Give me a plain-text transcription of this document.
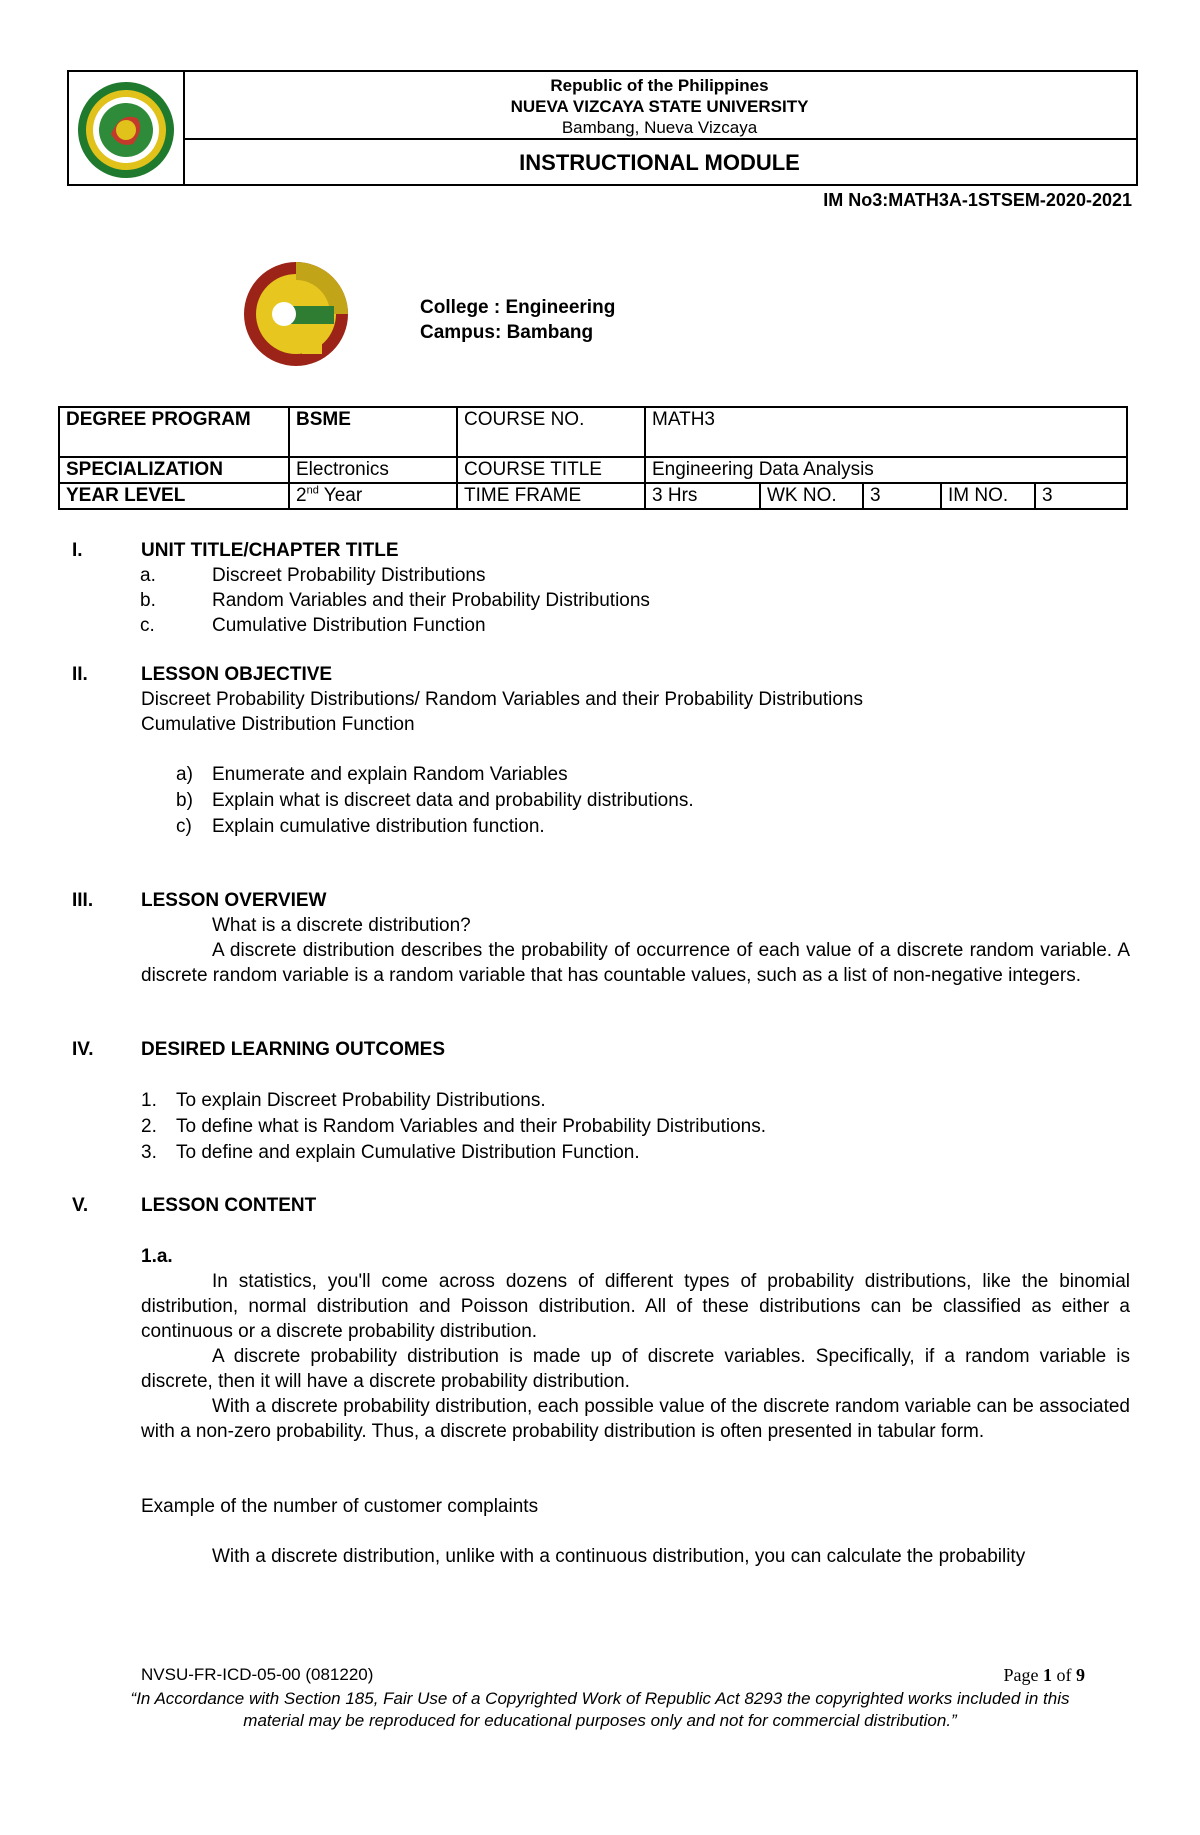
Republic of the Philippines
NUEVA VIZCAYA STATE UNIVERSITY
Bambang, Nueva Vizcaya
INSTRUCTIONAL MODULE
IM No3:MATH3A-1STSEM-2020-2021
College : Engineering
Campus: Bambang
DEGREE PROGRAM	BSME	COURSE NO.	MATH3				
SPECIALIZATION	Electronics	COURSE TITLE	Engineering Data Analysis				
YEAR LEVEL	2nd Year	TIME FRAME	3 Hrs	WK NO.	3	IM NO.	3
I.	UNIT TITLE/CHAPTER TITLE
a.	Discreet Probability Distributions
b.	Random Variables and their Probability Distributions
c.	Cumulative Distribution Function
II.	LESSON OBJECTIVE
Discreet Probability Distributions/ Random Variables and their Probability Distributions
Cumulative Distribution Function
a) Enumerate and explain Random Variables
b) Explain what is discreet data and probability distributions.
c) Explain cumulative distribution function.
III.	LESSON OVERVIEW
What is a discrete distribution?
A discrete distribution describes the probability of occurrence of each value of a discrete random variable. A discrete random variable is a random variable that has countable values, such as a list of non-negative integers.
IV.	DESIRED LEARNING OUTCOMES
1. To explain Discreet Probability Distributions.
2. To define what is Random Variables and their Probability Distributions.
3. To define and explain Cumulative Distribution Function.
V.	LESSON CONTENT
1.a.
In statistics, you'll come across dozens of different types of probability distributions, like the binomial distribution, normal distribution and Poisson distribution. All of these distributions can be classified as either a continuous or a discrete probability distribution.
A discrete probability distribution is made up of discrete variables. Specifically, if a random variable is discrete, then it will have a discrete probability distribution.
With a discrete probability distribution, each possible value of the discrete random variable can be associated with a non-zero probability. Thus, a discrete probability distribution is often presented in tabular form.
Example of the number of customer complaints
With a discrete distribution, unlike with a continuous distribution, you can calculate the probability
NVSU-FR-ICD-05-00 (081220)	Page 1 of 9
“In Accordance with Section 185, Fair Use of a Copyrighted Work of Republic Act 8293 the copyrighted works included in this material may be reproduced for educational purposes only and not for commercial distribution.”
